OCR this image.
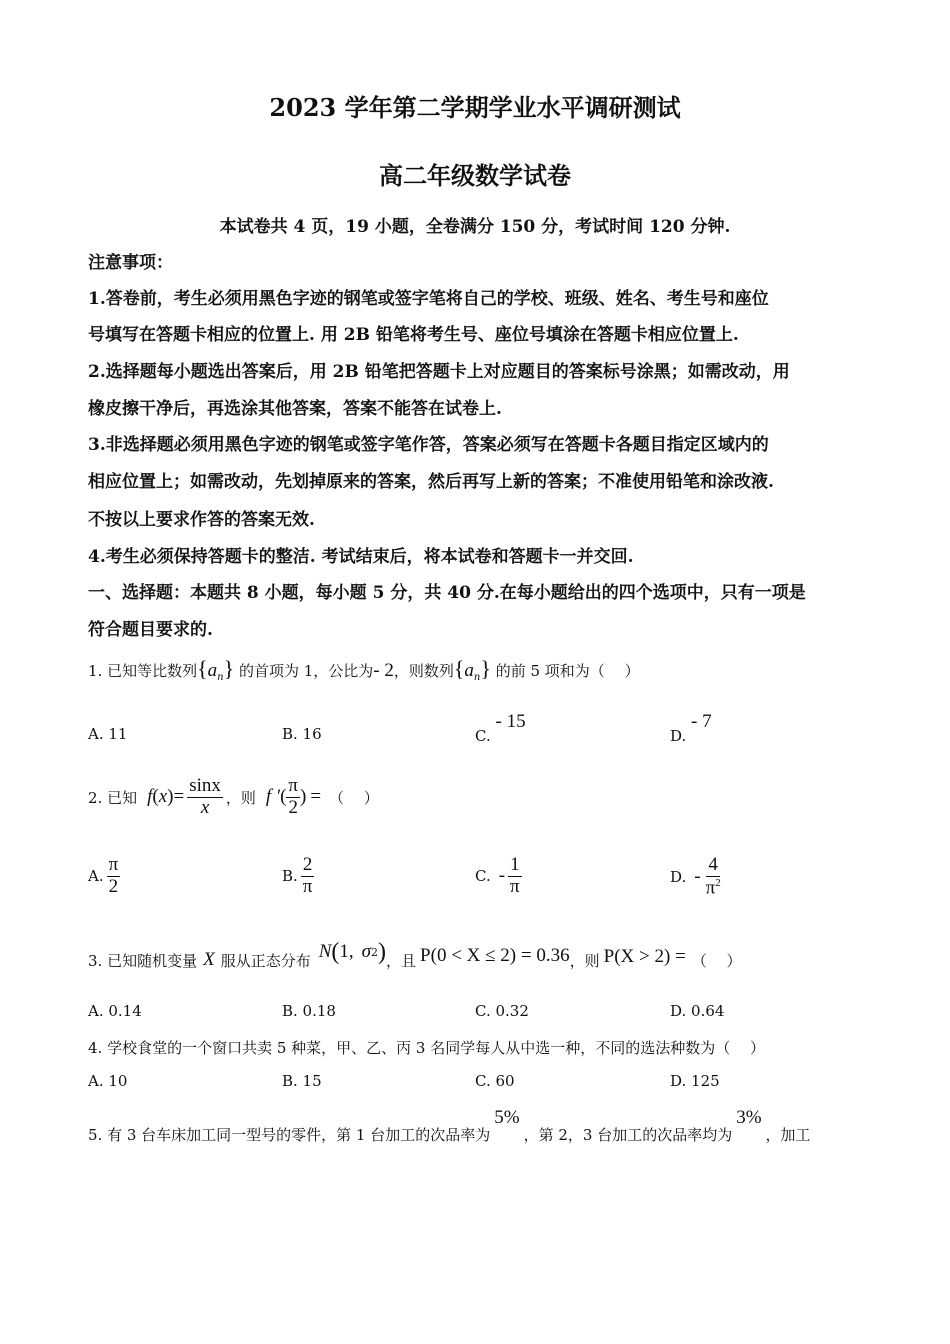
2023 学年第二学期学业水平调研测试
高二年级数学试卷
本试卷共 4 页，19 小题，全卷满分 150 分，考试时间 120 分钟.
注意事项：
1.答卷前，考生必须用黑色字迹的钢笔或签字笔将自己的学校、班级、姓名、考生号和座位
号填写在答题卡相应的位置上. 用 2B 铅笔将考生号、座位号填涂在答题卡相应位置上.
2.选择题每小题选出答案后，用 2B 铅笔把答题卡上对应题目的答案标号涂黑；如需改动，用
橡皮擦干净后，再选涂其他答案，答案不能答在试卷上.
3.非选择题必须用黑色字迹的钢笔或签字笔作答，答案必须写在答题卡各题目指定区域内的
相应位置上；如需改动，先划掉原来的答案，然后再写上新的答案；不准使用铅笔和涂改液.
不按以上要求作答的答案无效.
4.考生必须保持答题卡的整洁. 考试结束后，将本试卷和答题卡一并交回.
一、选择题：本题共 8 小题，每小题 5 分，共 40 分.在每小题给出的四个选项中，只有一项是
符合题目要求的.
1. 已知等比数列$\{a_n\}$ 的首项为 1，公比为- 2，则数列$\{a_n\}$ 的前 5 项和为（　 ）
A. 11	B. 16	C. - 15
D. - 7
2. 已知 f ( x ) = $\frac{\sin x}{x}$ ，则 f ′ ( $\frac{\pi}{2}$ ) = （　 ）
A. $\frac{\pi}{2}$	B. $\frac{2}{\pi}$	C. - $\frac{1}{\pi}$	D. - $\frac{4}{\pi^2}$
3. 已知随机变量 X 服从正态分布 N ( 1, σ 2 ) ，且 P(0 < X ≤ 2) = 0.36 ，则 P(X > 2) = （　 ）
A. 0.14	B. 0.18	C. 0.32	D. 0.64
4. 学校食堂的一个窗口共卖 5 种菜，甲、乙、丙 3 名同学每人从中选一种，不同的选法种数为（　 ）
A. 10	B. 15	C. 60	D. 125
5. 有 3 台车床加工同一型号的零件，第 1 台加工的次品率为
5%
，第 2，3 台加工的次品率均为
3%
，加工
